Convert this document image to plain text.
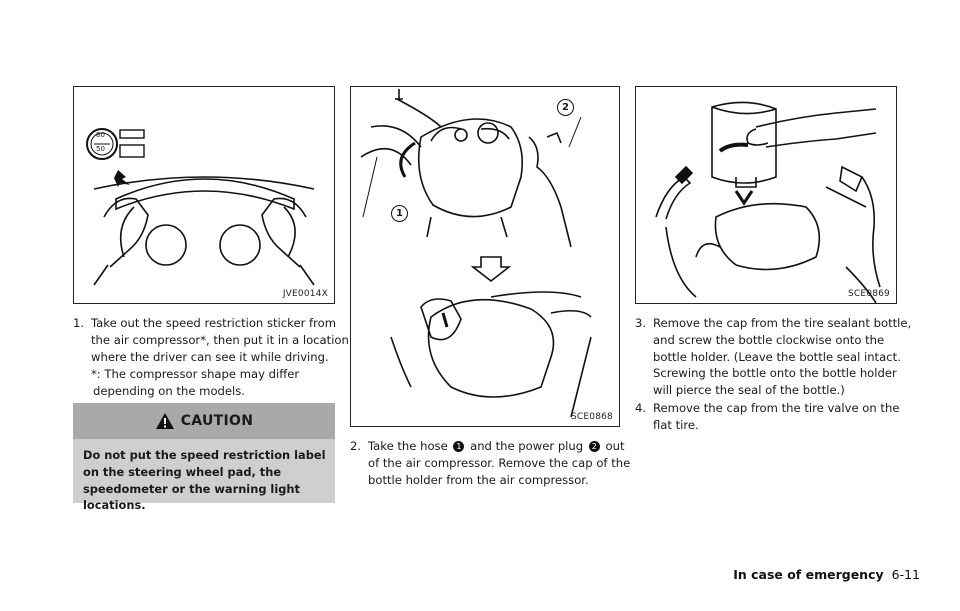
80
50
JVE0014X
1. Take out the speed restriction sticker from the air compressor*, then put it in a location where the driver can see it while driving.
*: The compressor shape may differ depending on the models.
CAUTION
Do not put the speed restriction label on the steering wheel pad, the speedometer or the warning light locations.
1
2
SCE0868
2. Take the hose 1 and the power plug 2 out of the air compressor. Remove the cap of the bottle holder from the air compressor.
SCE0869
3. Remove the cap from the tire sealant bottle, and screw the bottle clockwise onto the bottle holder. (Leave the bottle seal intact. Screwing the bottle onto the bottle holder will pierce the seal of the bottle.)
4. Remove the cap from the tire valve on the flat tire.
In case of emergency 6-11
